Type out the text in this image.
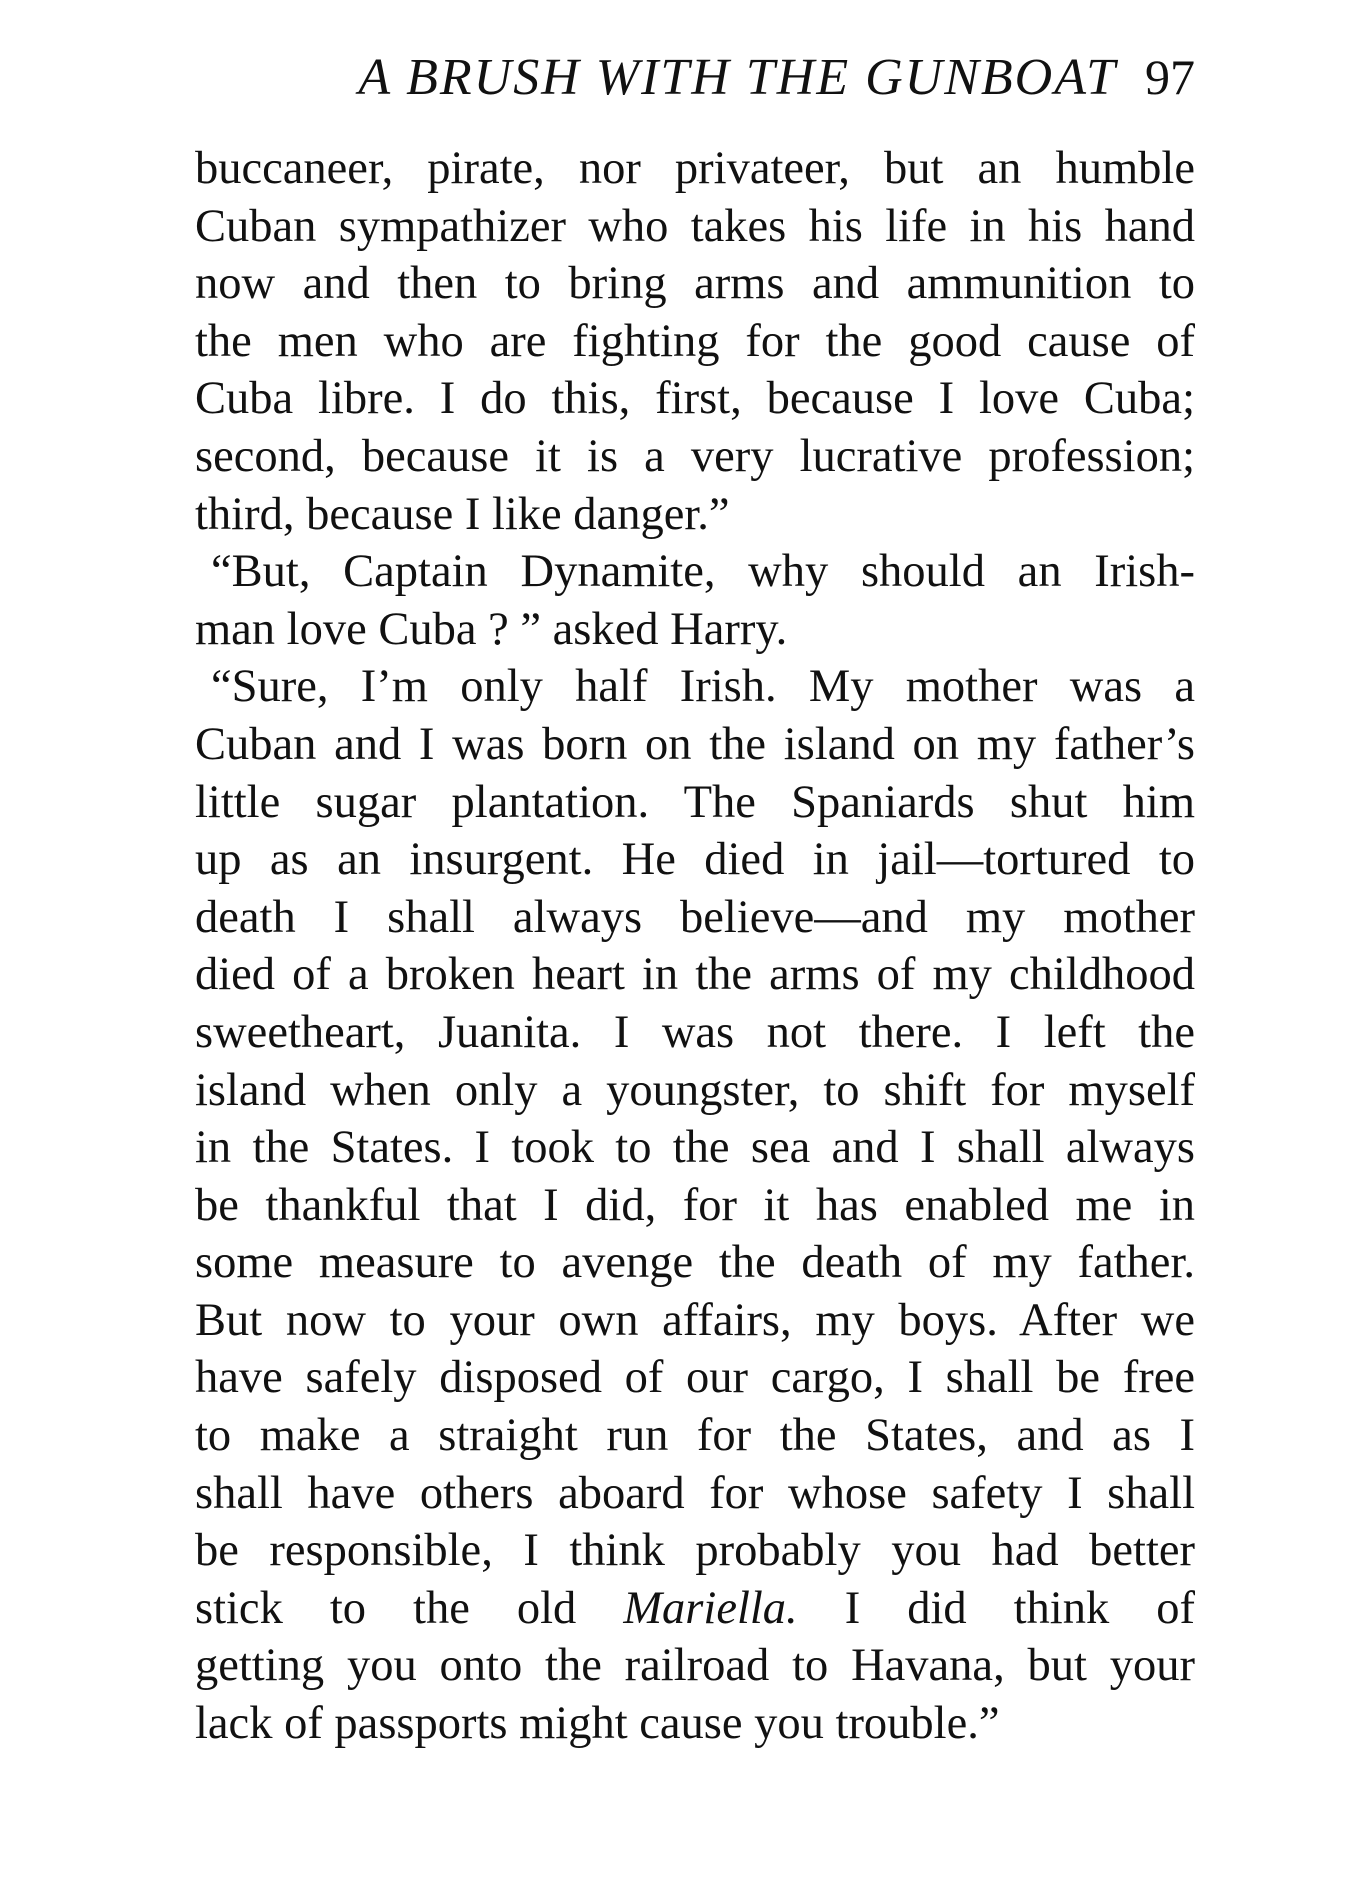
A BRUSH WITH THE GUNBOAT 97
buccaneer, pirate, nor privateer, but an humble
Cuban sympathizer who takes his life in his hand
now and then to bring arms and ammunition to
the men who are fighting for the good cause of
Cuba libre. I do this, first, because I love Cuba;
second, because it is a very lucrative profession;
third, because I like danger.”
“But, Captain Dynamite, why should an Irish-
man love Cuba ? ” asked Harry.
“Sure, I’m only half Irish. My mother was a
Cuban and I was born on the island on my father’s
little sugar plantation. The Spaniards shut him
up as an insurgent. He died in jail—tortured to
death I shall always believe—and my mother
died of a broken heart in the arms of my childhood
sweetheart, Juanita. I was not there. I left the
island when only a youngster, to shift for myself
in the States. I took to the sea and I shall always
be thankful that I did, for it has enabled me in
some measure to avenge the death of my father.
But now to your own affairs, my boys. After we
have safely disposed of our cargo, I shall be free
to make a straight run for the States, and as I
shall have others aboard for whose safety I shall
be responsible, I think probably you had better
stick to the old Mariella. I did think of
getting you onto the railroad to Havana, but your
lack of passports might cause you trouble.”
